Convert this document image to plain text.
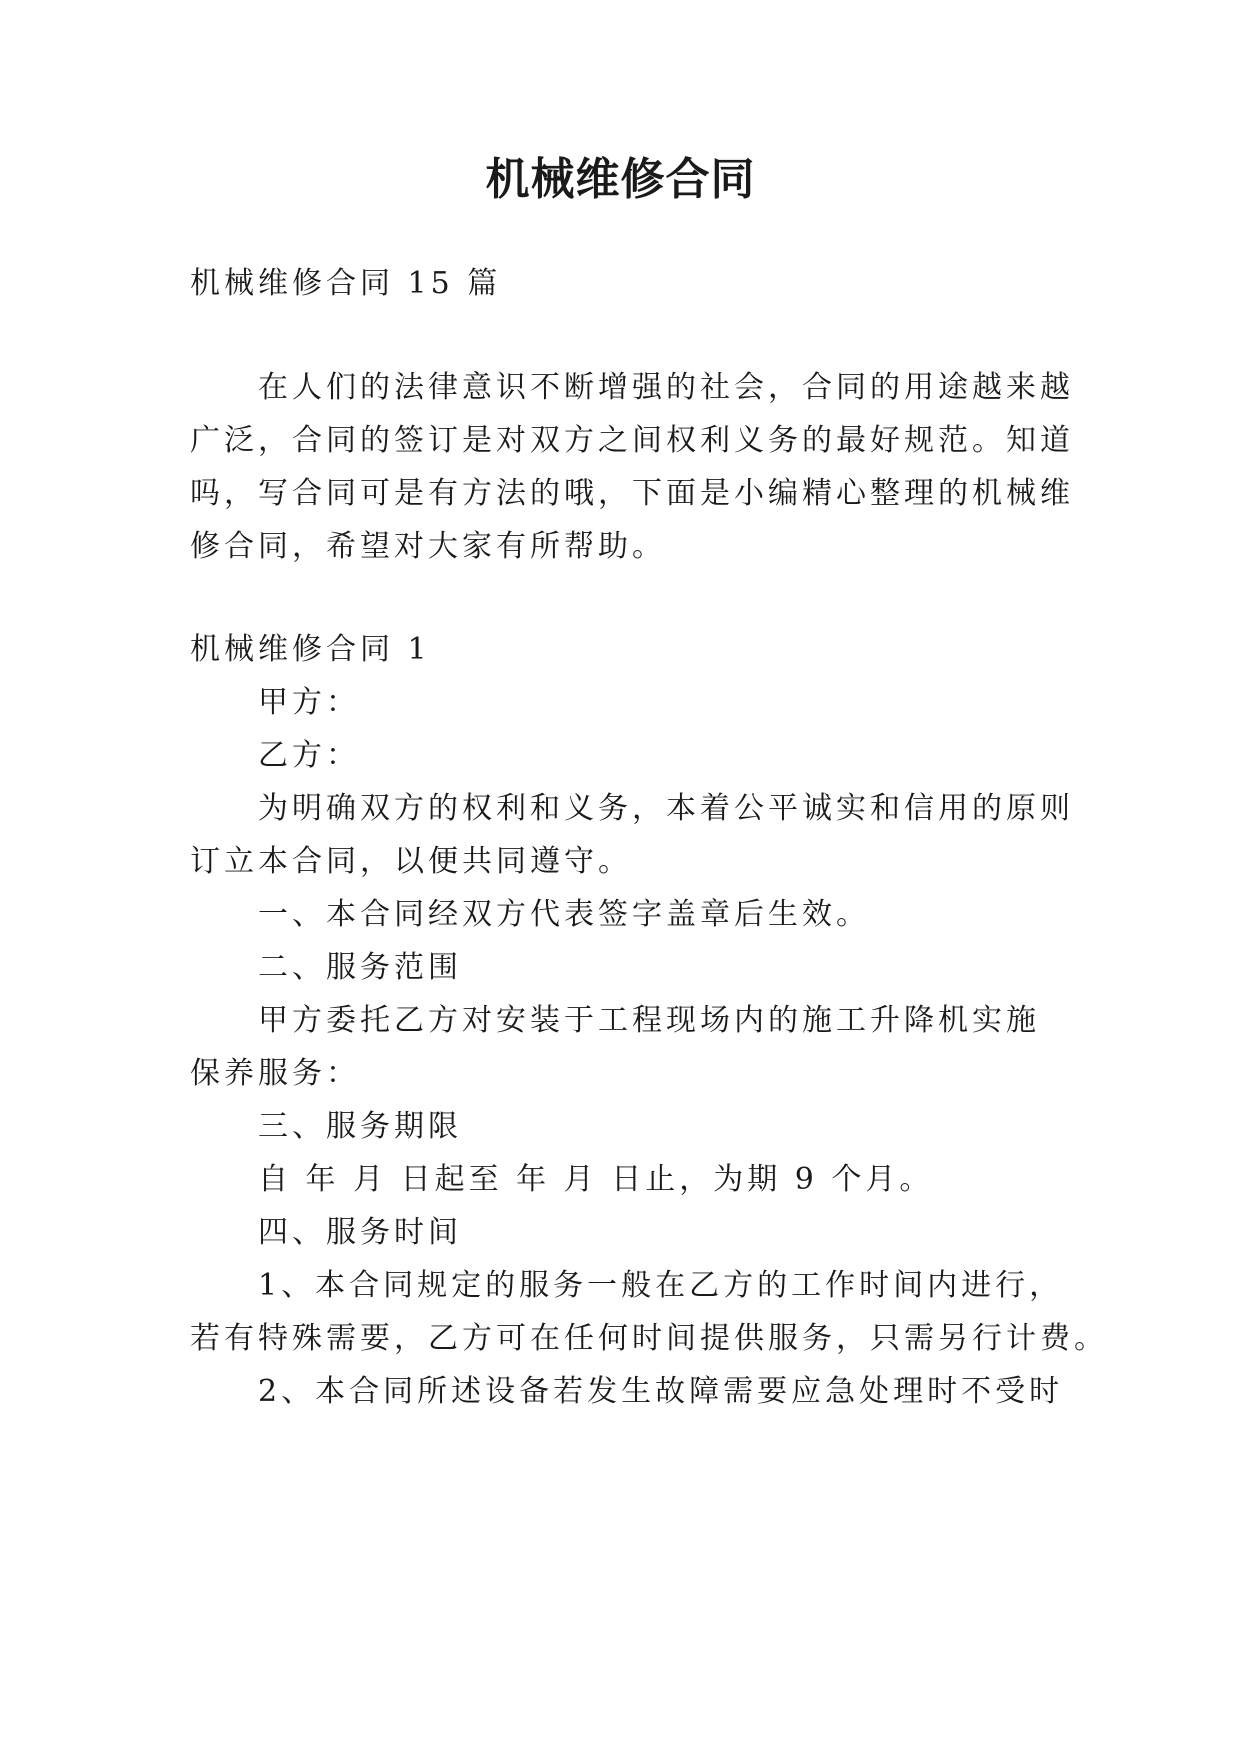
机械维修合同
机械维修合同 15 篇
在人们的法律意识不断增强的社会，合同的用途越来越
广泛，合同的签订是对双方之间权利义务的最好规范。知道
吗，写合同可是有方法的哦，下面是小编精心整理的机械维
修合同，希望对大家有所帮助。
机械维修合同 1
甲方：
乙方：
为明确双方的权利和义务，本着公平诚实和信用的原则
订立本合同，以便共同遵守。
一、本合同经双方代表签字盖章后生效。
二、服务范围
甲方委托乙方对安装于工程现场内的施工升降机实施
保养服务：
三、服务期限
自 年 月 日起至 年 月 日止，为期 9 个月。
四、服务时间
1、本合同规定的服务一般在乙方的工作时间内进行，
若有特殊需要，乙方可在任何时间提供服务，只需另行计费。
2、本合同所述设备若发生故障需要应急处理时不受时
